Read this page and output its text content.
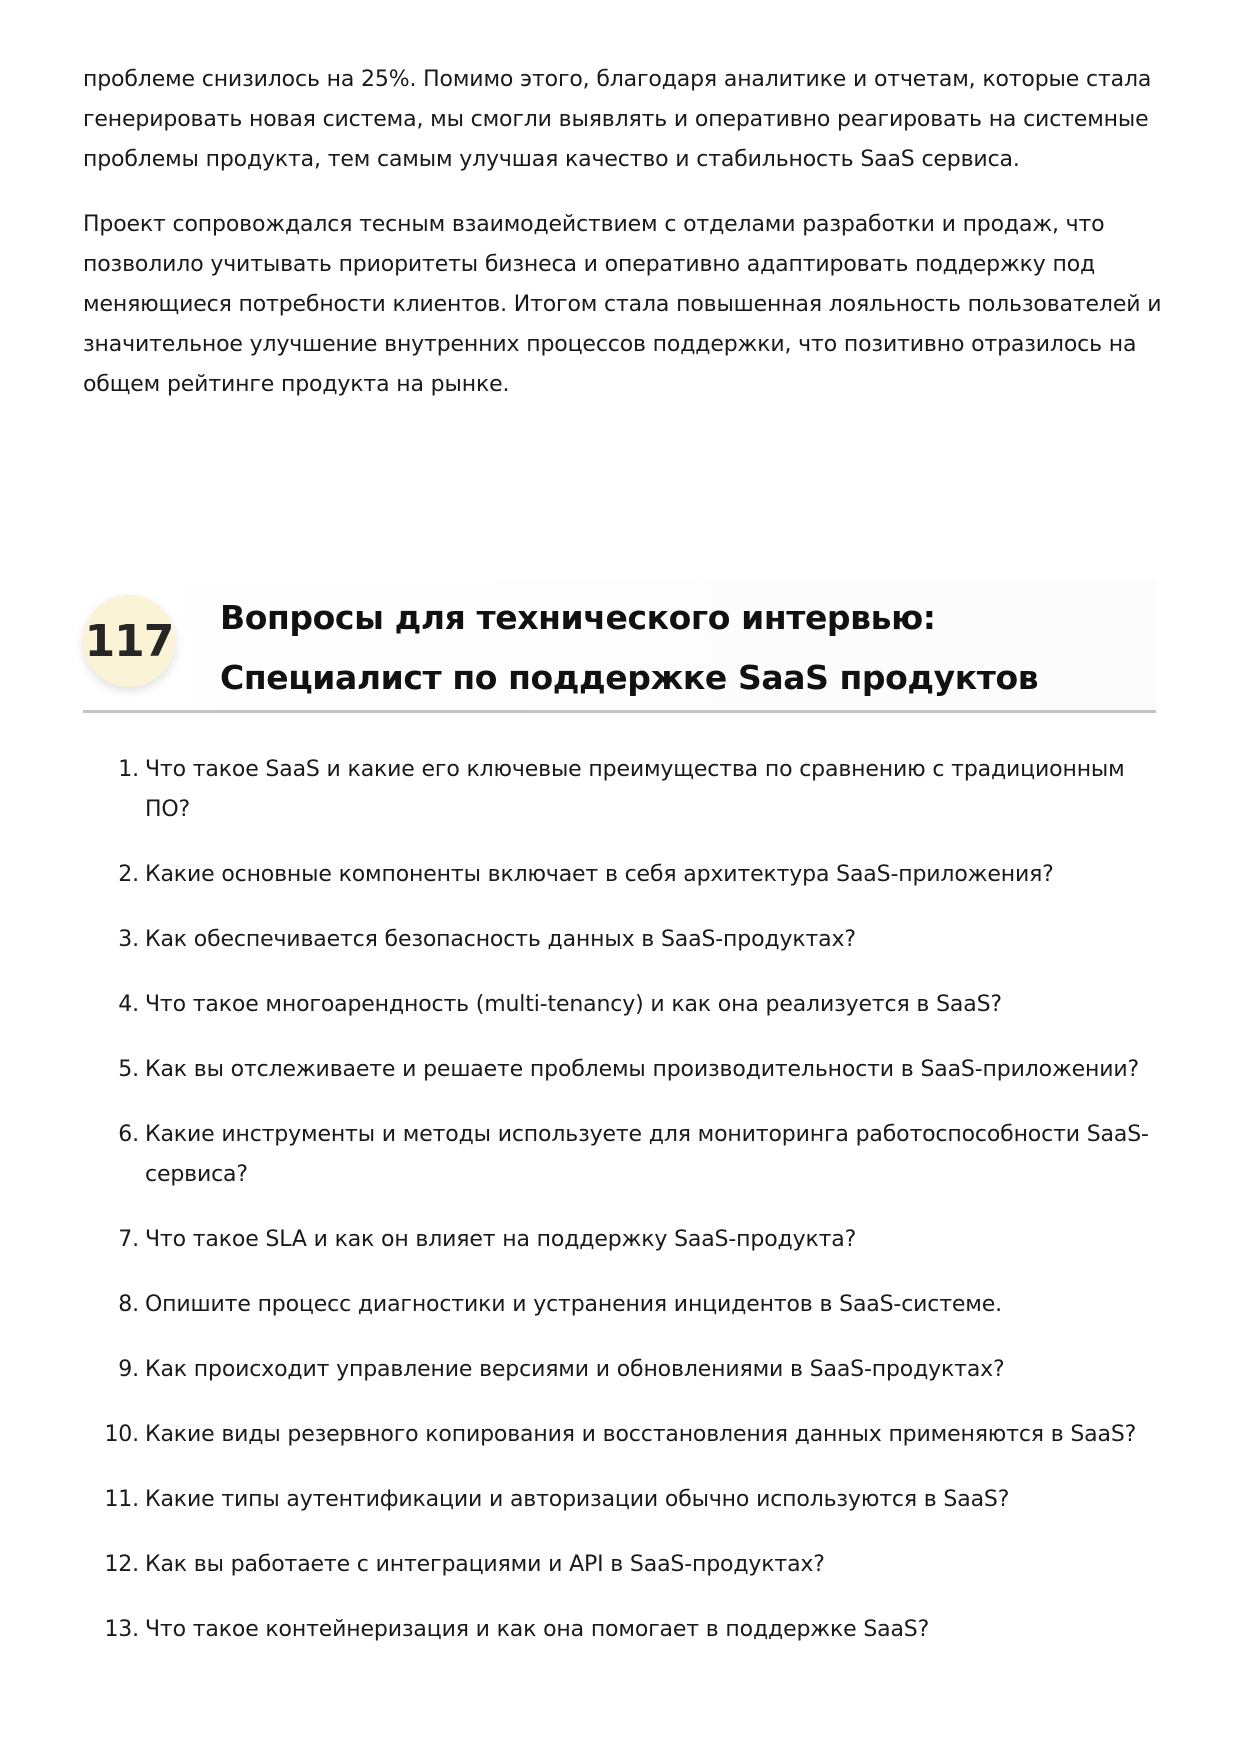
проблеме снизилось на 25%. Помимо этого, благодаря аналитике и отчетам, которые стала генерировать новая система, мы смогли выявлять и оперативно реагировать на системные проблемы продукта, тем самым улучшая качество и стабильность SaaS сервиса.

Проект сопровождался тесным взаимодействием с отделами разработки и продаж, что позволило учитывать приоритеты бизнеса и оперативно адаптировать поддержку под меняющиеся потребности клиентов. Итогом стала повышенная лояльность пользователей и значительное улучшение внутренних процессов поддержки, что позитивно отразилось на общем рейтинге продукта на рынке.

117 Вопросы для технического интервью: Специалист по поддержке SaaS продуктов
1. Что такое SaaS и какие его ключевые преимущества по сравнению с традиционным ПО?
2. Какие основные компоненты включает в себя архитектура SaaS-приложения?
3. Как обеспечивается безопасность данных в SaaS-продуктах?
4. Что такое многоарендность (multi-tenancy) и как она реализуется в SaaS?
5. Как вы отслеживаете и решаете проблемы производительности в SaaS-приложении?
6. Какие инструменты и методы используете для мониторинга работоспособности SaaS-сервиса?
7. Что такое SLA и как он влияет на поддержку SaaS-продукта?
8. Опишите процесс диагностики и устранения инцидентов в SaaS-системе.
9. Как происходит управление версиями и обновлениями в SaaS-продуктах?
10. Какие виды резервного копирования и восстановления данных применяются в SaaS?
11. Какие типы аутентификации и авторизации обычно используются в SaaS?
12. Как вы работаете с интеграциями и API в SaaS-продуктах?
13. Что такое контейнеризация и как она помогает в поддержке SaaS?
